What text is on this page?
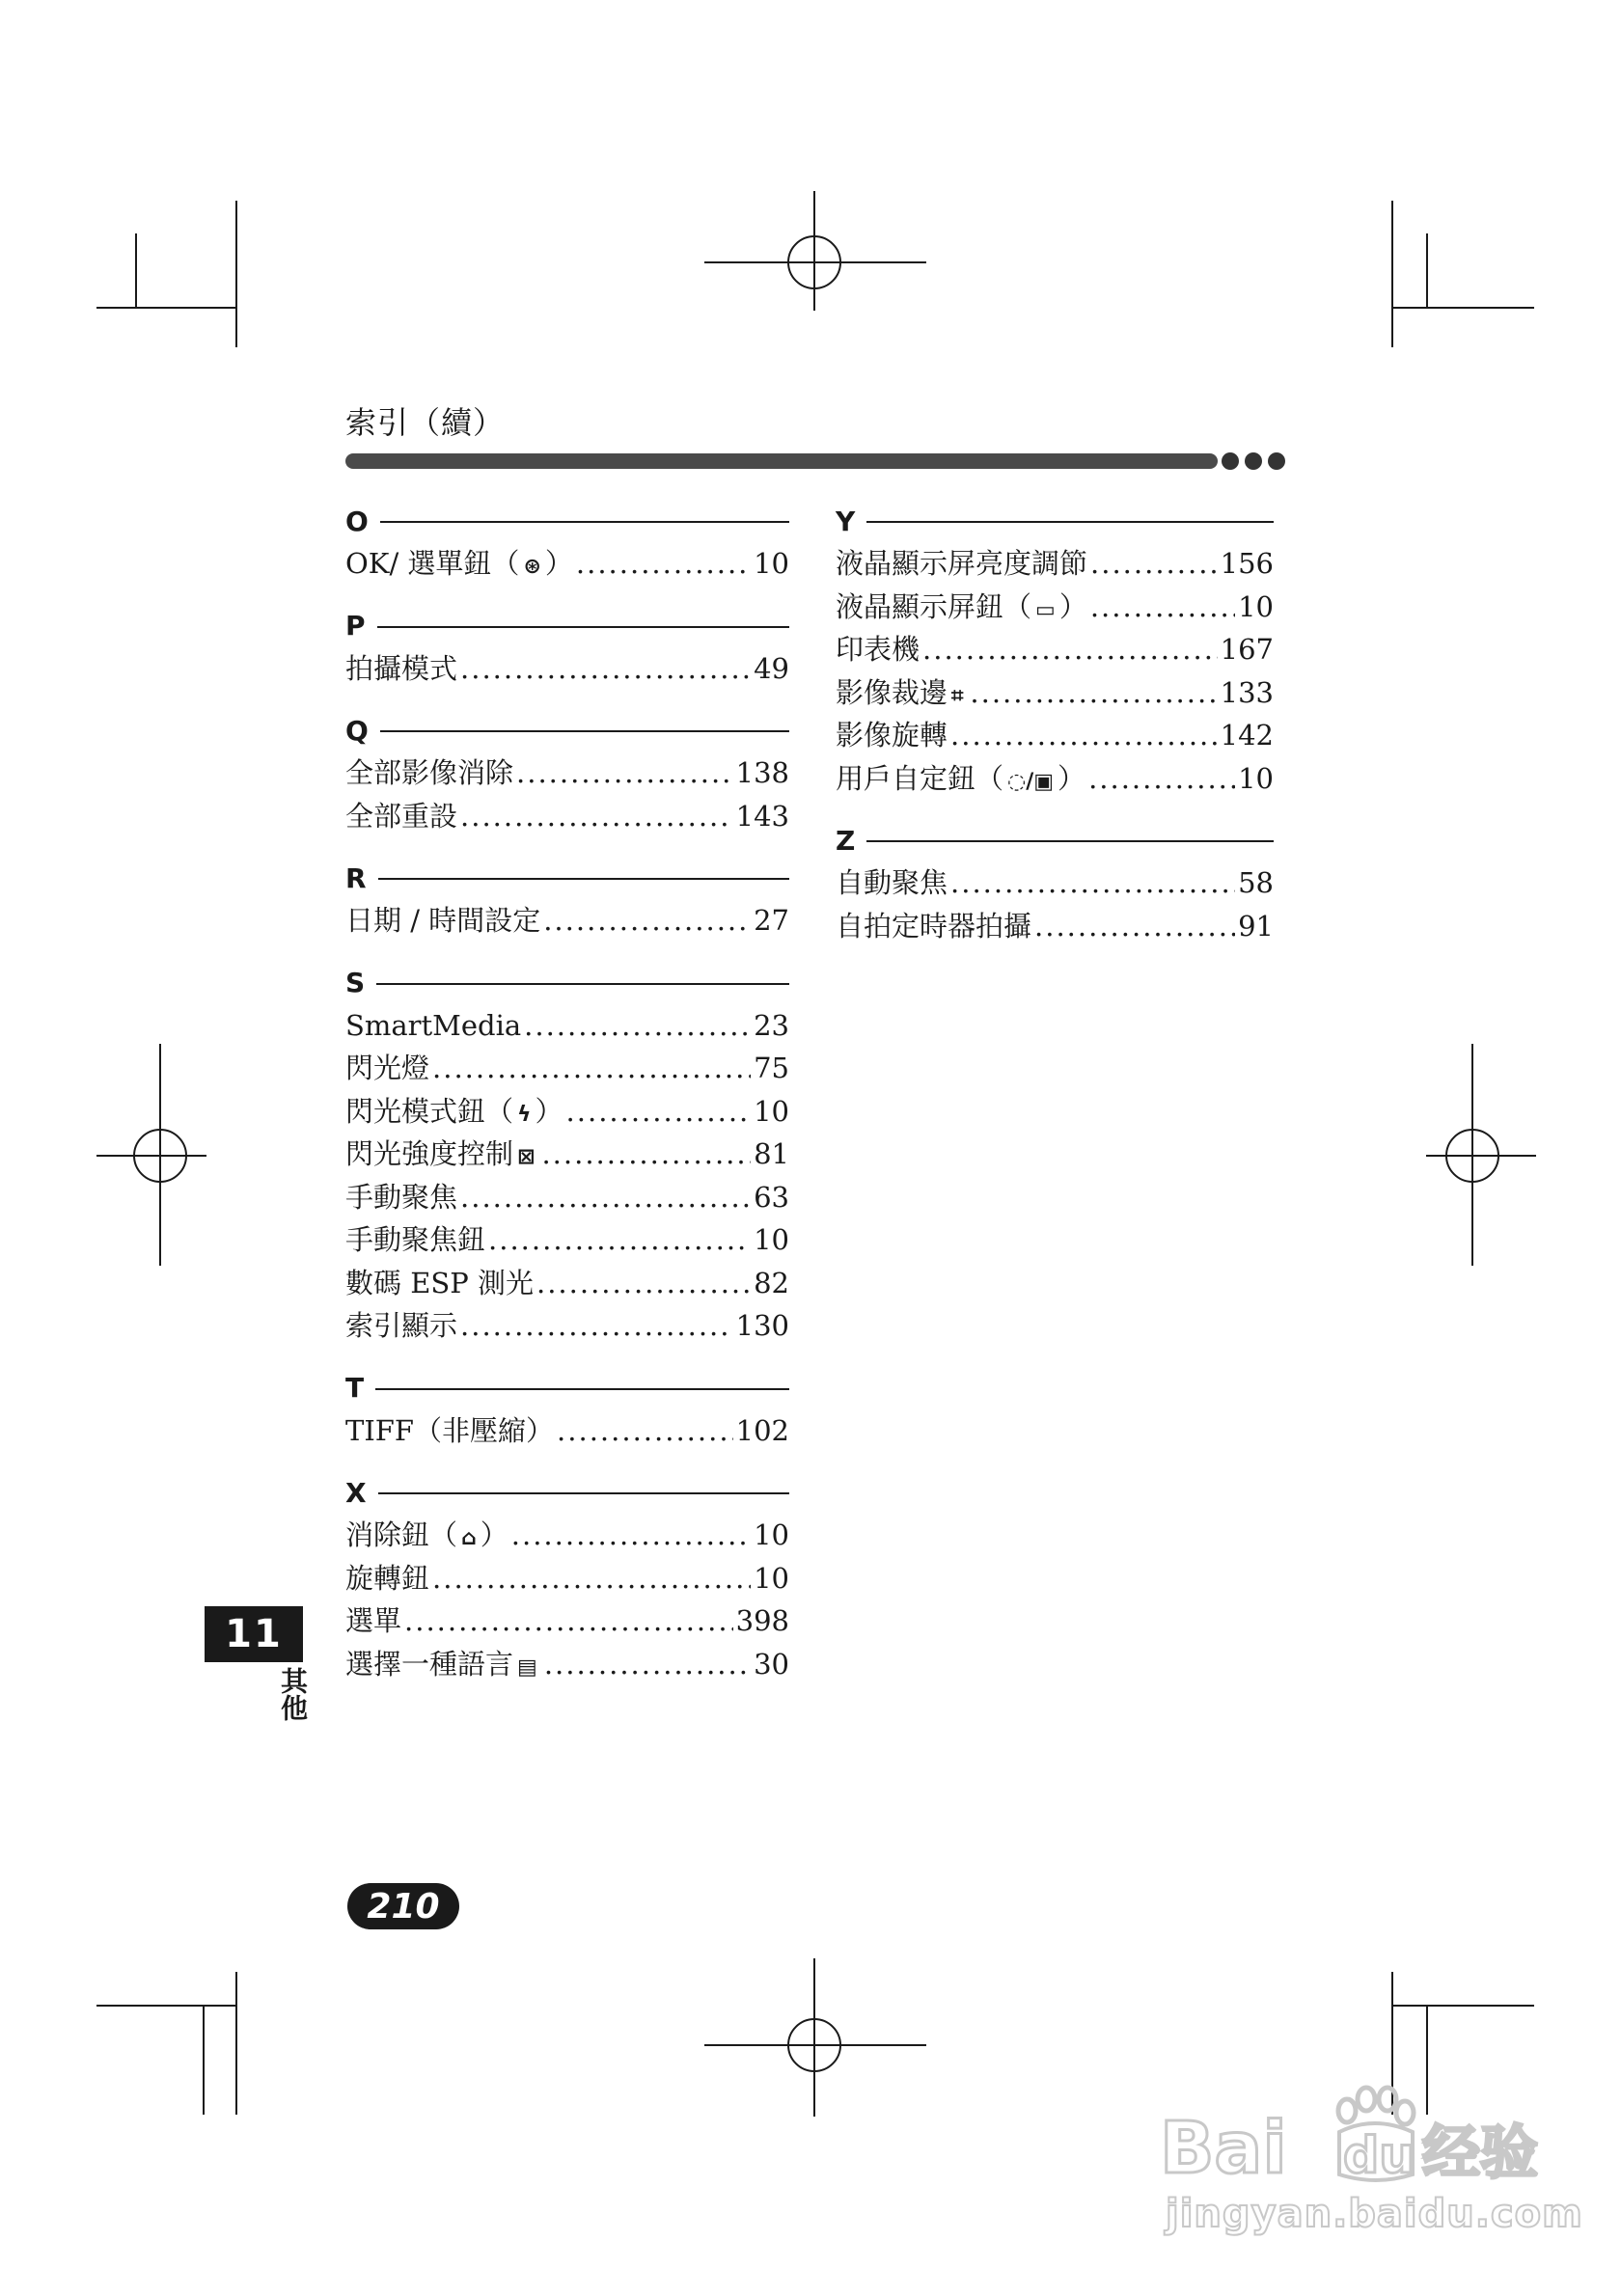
索引（續）
O
OK/ 選單鈕（ ⊛ ） .....	10
P
拍攝模式 .....	49
Q
全部影像消除 .....	138
全部重設 .....	143
R
日期 / 時間設定 .....	27
S
SmartMedia .....	23
閃光燈 .....	75
閃光模式鈕（ ϟ ） .....	10
閃光強度控制 ⊠ .....	81
手動聚焦 .....	63
手動聚焦鈕 .....	10
數碼 ESP 測光 .....	82
索引顯示 .....	130
T
TIFF（非壓縮） .....	102
X
消除鈕（ ⌂ ） .....	10
旋轉鈕 .....	10
選單 .....	398
選擇一種語言 ▤ .....	30
Y
液晶顯示屏亮度調節 .....	156
液晶顯示屏鈕（ ▭ ） .....	10
印表機 .....	167
影像裁邊 ⌗ .....	133
影像旋轉 .....	142
用戶自定鈕（ ◌/▣ ） .....	10
Z
自動聚焦 .....	58
自拍定時器拍攝 .....	91
11
其他
210
Bai du 经验
jingyan.baidu.com
